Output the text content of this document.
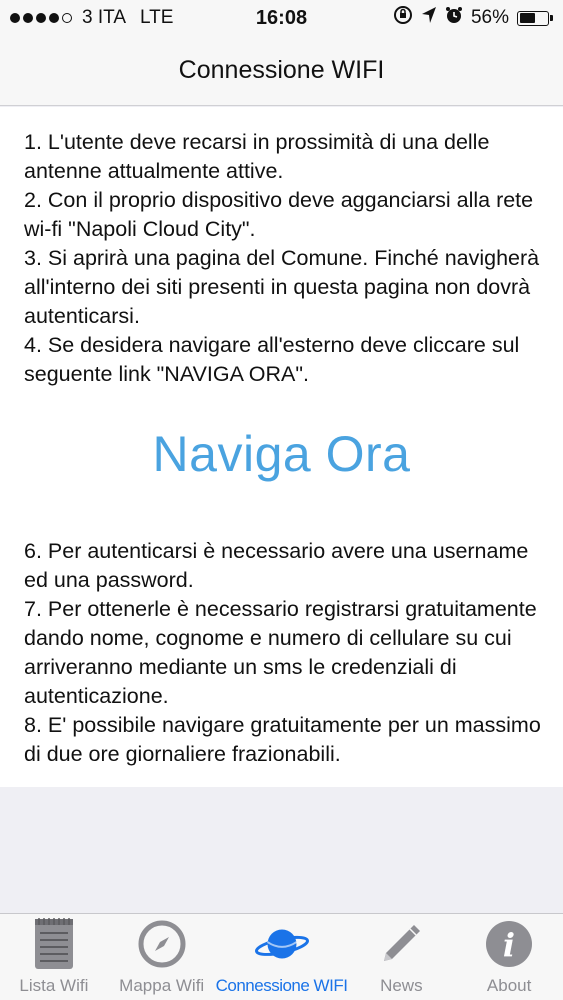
3 ITA LTE	16:08	56%
Connessione WIFI

1. L'utente deve recarsi in prossimità di una delle antenne attualmente attive.
2. Con il proprio dispositivo deve agganciarsi alla rete wi-fi "Napoli Cloud City".
3. Si aprirà una pagina del Comune. Finché navigherà all'interno dei siti presenti in questa pagina non dovrà autenticarsi.
4. Se desidera navigare all'esterno deve cliccare sul seguente link "NAVIGA ORA".

Naviga Ora

6. Per autenticarsi è necessario avere una username ed una password.
7. Per ottenerle è necessario registrarsi gratuitamente dando nome, cognome e numero di cellulare su cui arriveranno mediante un sms le credenziali di autenticazione.
8. E' possibile navigare gratuitamente per un massimo di due ore giornaliere frazionabili.

Lista Wifi Mappa Wifi Connessione WIFI News
i
About
